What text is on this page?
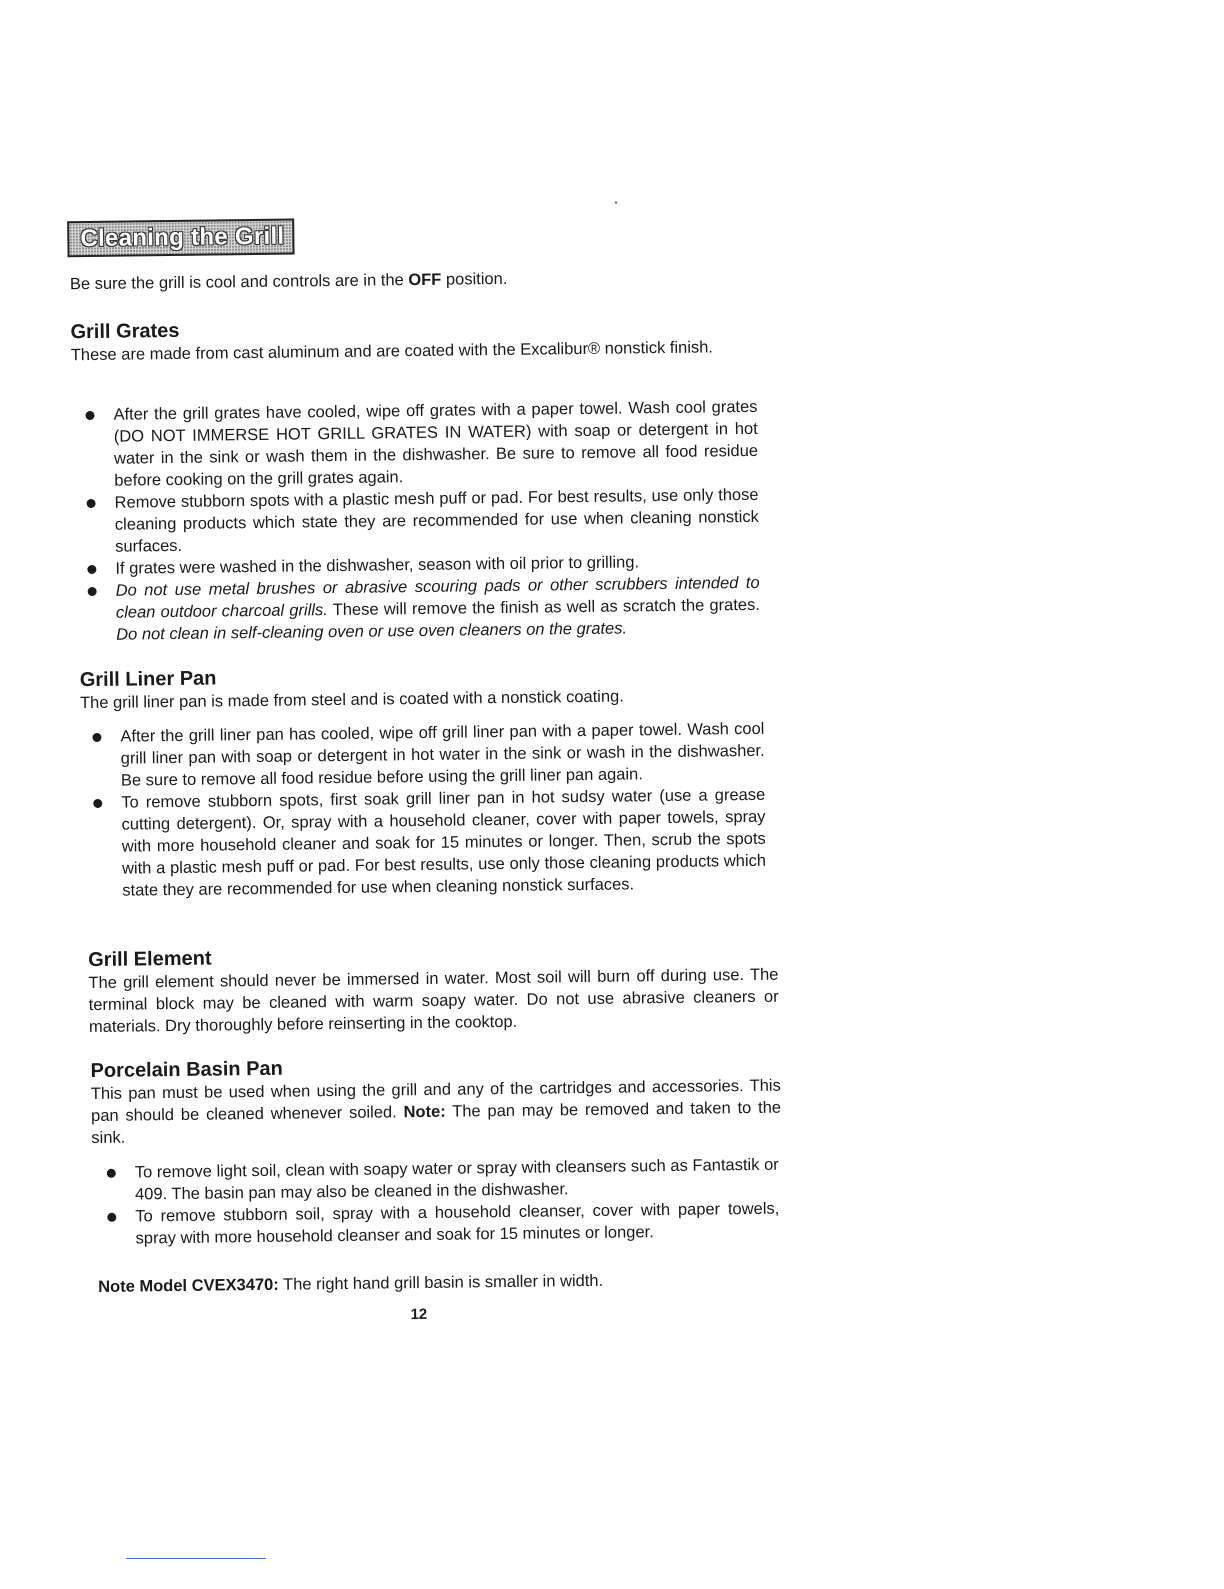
Cleaning the Grill

Be sure the grill is cool and controls are in the OFF position.

Grill Grates

These are made from cast aluminum and are coated with the Excalibur® nonstick finish.

After the grill grates have cooled, wipe off grates with a paper towel. Wash cool grates (DO NOT IMMERSE HOT GRILL GRATES IN WATER) with soap or detergent in hot water in the sink or wash them in the dishwasher. Be sure to remove all food residue before cooking on the grill grates again.
Remove stubborn spots with a plastic mesh puff or pad. For best results, use only those cleaning products which state they are recommended for use when cleaning nonstick surfaces.
If grates were washed in the dishwasher, season with oil prior to grilling.
Do not use metal brushes or abrasive scouring pads or other scrubbers intended to clean outdoor charcoal grills. These will remove the finish as well as scratch the grates. Do not clean in self-cleaning oven or use oven cleaners on the grates.
Grill Liner Pan

The grill liner pan is made from steel and is coated with a nonstick coating.

After the grill liner pan has cooled, wipe off grill liner pan with a paper towel. Wash cool grill liner pan with soap or detergent in hot water in the sink or wash in the dishwasher. Be sure to remove all food residue before using the grill liner pan again.
To remove stubborn spots, first soak grill liner pan in hot sudsy water (use a grease cutting detergent). Or, spray with a household cleaner, cover with paper towels, spray with more household cleaner and soak for 15 minutes or longer. Then, scrub the spots with a plastic mesh puff or pad. For best results, use only those cleaning products which state they are recommended for use when cleaning nonstick surfaces.
Grill Element

The grill element should never be immersed in water. Most soil will burn off during use. The terminal block may be cleaned with warm soapy water. Do not use abrasive cleaners or materials. Dry thoroughly before reinserting in the cooktop.

Porcelain Basin Pan

This pan must be used when using the grill and any of the cartridges and accessories. This pan should be cleaned whenever soiled. Note: The pan may be removed and taken to the sink.

To remove light soil, clean with soapy water or spray with cleansers such as Fantastik or 409. The basin pan may also be cleaned in the dishwasher.
To remove stubborn soil, spray with a household cleanser, cover with paper towels, spray with more household cleanser and soak for 15 minutes or longer.

Note Model CVEX3470: The right hand grill basin is smaller in width.

12
